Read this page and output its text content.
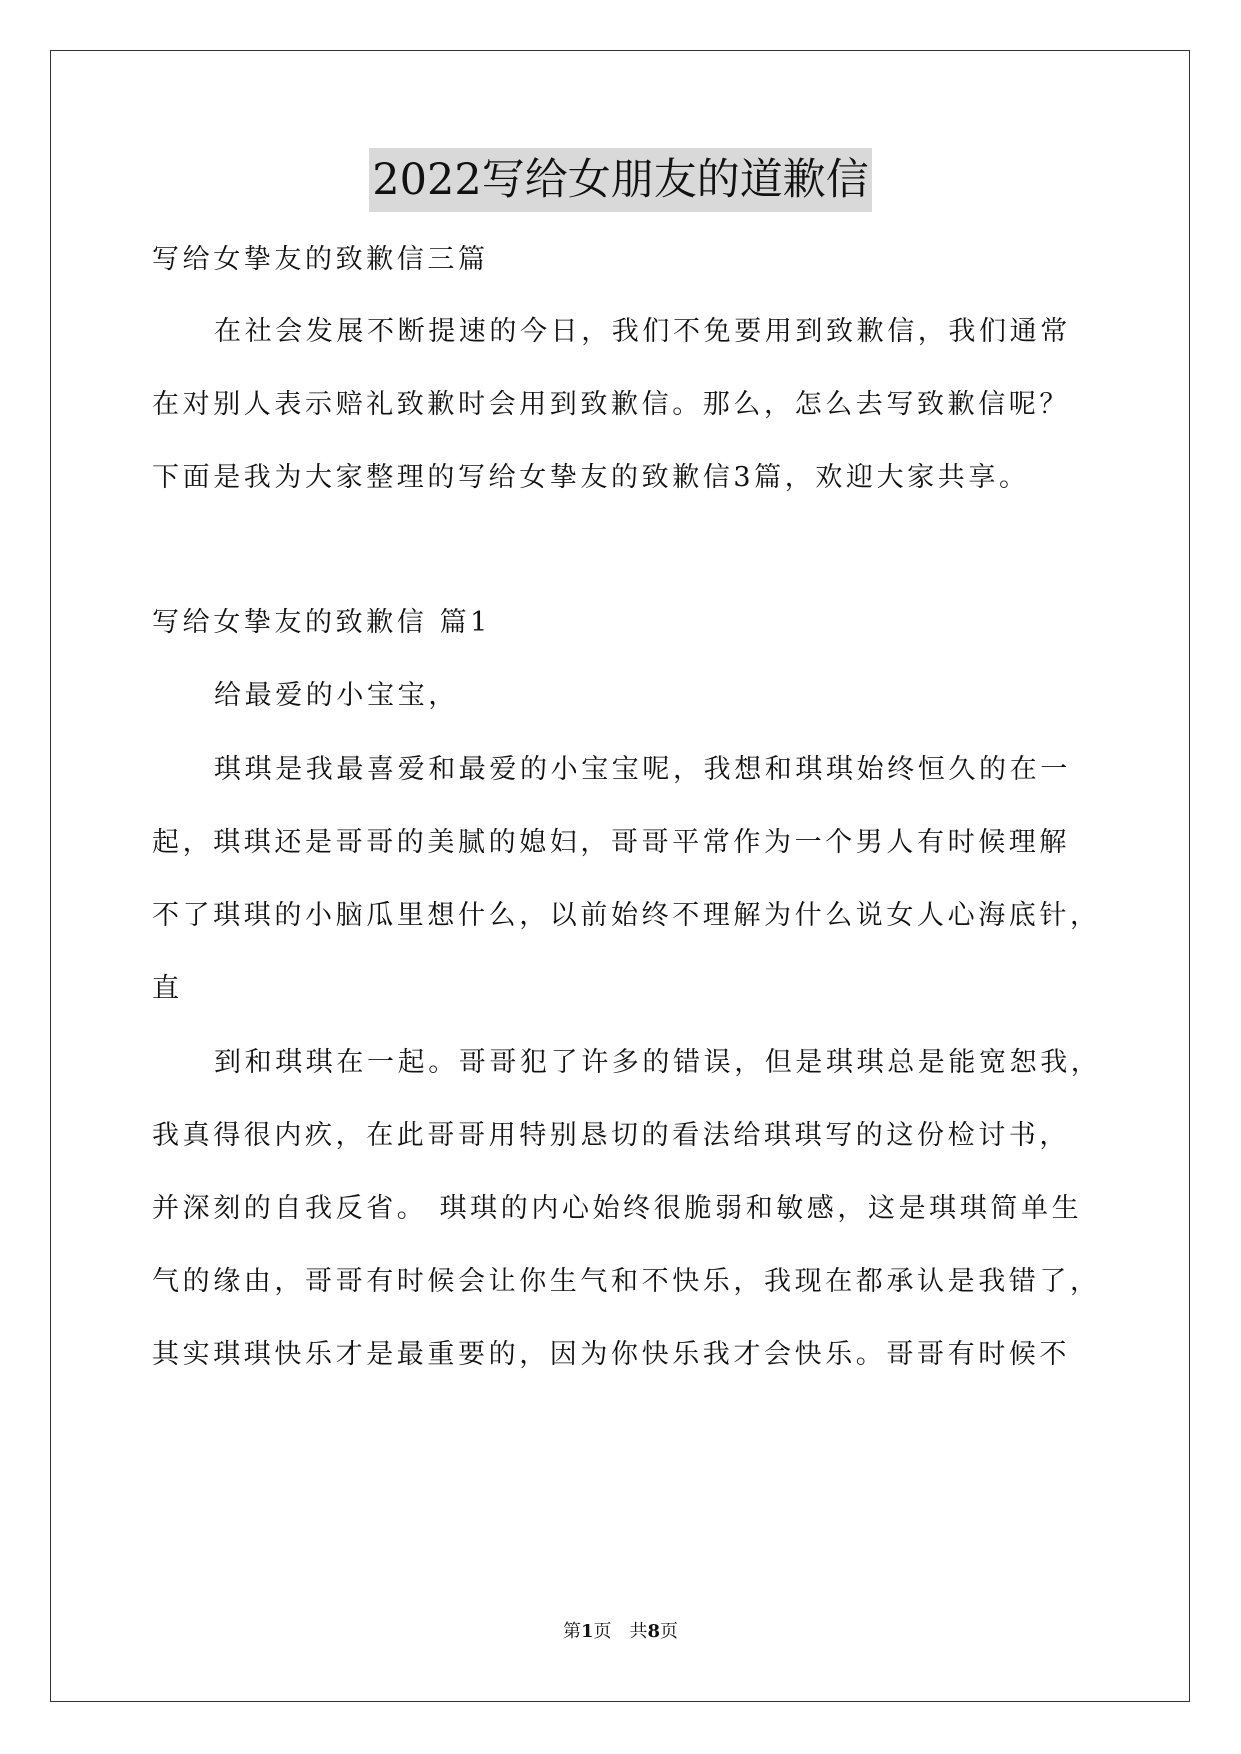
2022写给女朋友的道歉信
写给女挚友的致歉信三篇
在社会发展不断提速的今日，我们不免要用到致歉信，我们通常
在对别人表示赔礼致歉时会用到致歉信。那么，怎么去写致歉信呢？
下面是我为大家整理的写给女挚友的致歉信3篇，欢迎大家共享。
写给女挚友的致歉信 篇1
给最爱的小宝宝，
琪琪是我最喜爱和最爱的小宝宝呢，我想和琪琪始终恒久的在一
起，琪琪还是哥哥的美腻的媳妇，哥哥平常作为一个男人有时候理解
不了琪琪的小脑瓜里想什么，以前始终不理解为什么说女人心海底针，
直
到和琪琪在一起。哥哥犯了许多的错误，但是琪琪总是能宽恕我，
我真得很内疚，在此哥哥用特别恳切的看法给琪琪写的这份检讨书，
并深刻的自我反省。 琪琪的内心始终很脆弱和敏感，这是琪琪简单生
气的缘由，哥哥有时候会让你生气和不快乐，我现在都承认是我错了，
其实琪琪快乐才是最重要的，因为你快乐我才会快乐。哥哥有时候不
第1页　共8页
